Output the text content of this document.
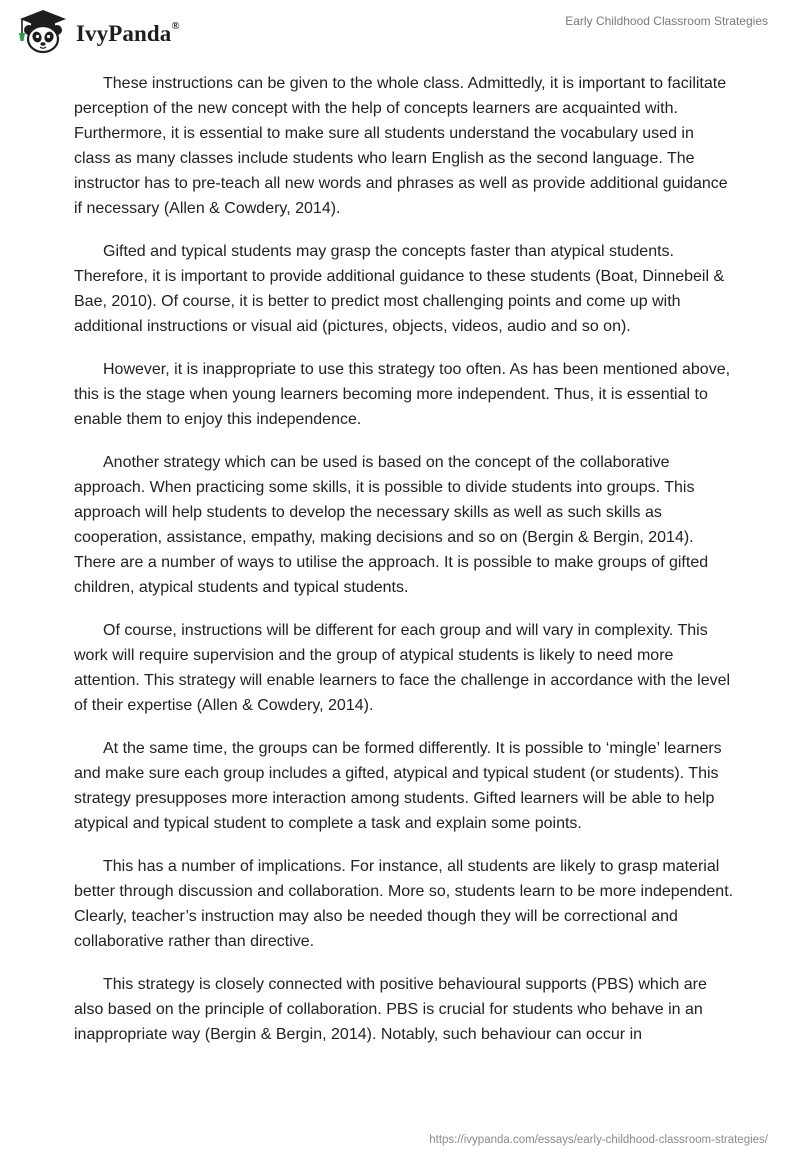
IvyPanda®	Early Childhood Classroom Strategies

These instructions can be given to the whole class. Admittedly, it is important to facilitate perception of the new concept with the help of concepts learners are acquainted with. Furthermore, it is essential to make sure all students understand the vocabulary used in class as many classes include students who learn English as the second language. The instructor has to pre-teach all new words and phrases as well as provide additional guidance if necessary (Allen & Cowdery, 2014).

Gifted and typical students may grasp the concepts faster than atypical students. Therefore, it is important to provide additional guidance to these students (Boat, Dinnebeil & Bae, 2010). Of course, it is better to predict most challenging points and come up with additional instructions or visual aid (pictures, objects, videos, audio and so on).

However, it is inappropriate to use this strategy too often. As has been mentioned above, this is the stage when young learners becoming more independent. Thus, it is essential to enable them to enjoy this independence.

Another strategy which can be used is based on the concept of the collaborative approach. When practicing some skills, it is possible to divide students into groups. This approach will help students to develop the necessary skills as well as such skills as cooperation, assistance, empathy, making decisions and so on (Bergin & Bergin, 2014). There are a number of ways to utilise the approach. It is possible to make groups of gifted children, atypical students and typical students.

Of course, instructions will be different for each group and will vary in complexity. This work will require supervision and the group of atypical students is likely to need more attention. This strategy will enable learners to face the challenge in accordance with the level of their expertise (Allen & Cowdery, 2014).

At the same time, the groups can be formed differently. It is possible to ‘mingle’ learners and make sure each group includes a gifted, atypical and typical student (or students). This strategy presupposes more interaction among students. Gifted learners will be able to help atypical and typical student to complete a task and explain some points.

This has a number of implications. For instance, all students are likely to grasp material better through discussion and collaboration. More so, students learn to be more independent. Clearly, teacher’s instruction may also be needed though they will be correctional and collaborative rather than directive.

This strategy is closely connected with positive behavioural supports (PBS) which are also based on the principle of collaboration. PBS is crucial for students who behave in an inappropriate way (Bergin & Bergin, 2014). Notably, such behaviour can occur in

https://ivypanda.com/essays/early-childhood-classroom-strategies/
